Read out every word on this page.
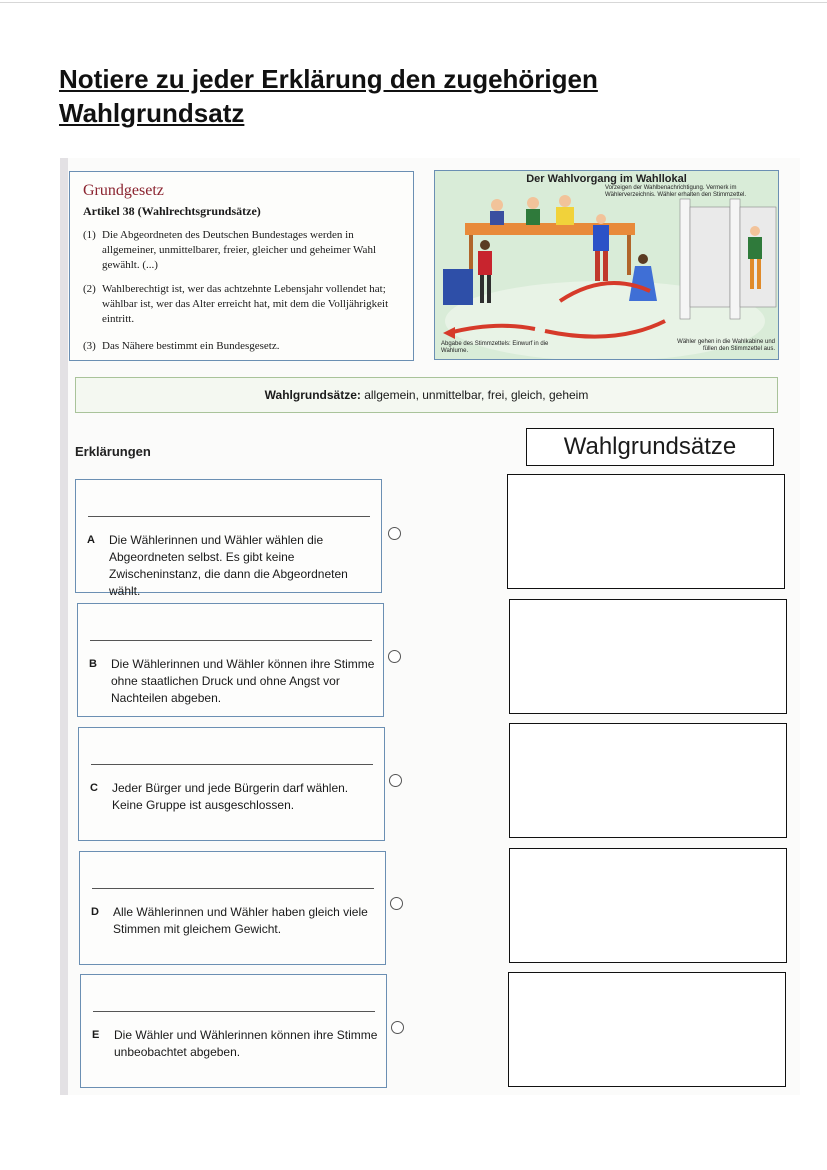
Notiere zu jeder Erklärung den zugehörigen Wahlgrundsatz
Grundgesetz
Artikel 38 (Wahlrechtsgrundsätze)
(1) Die Abgeordneten des Deutschen Bundestages werden in allgemeiner, unmittelbarer, freier, gleicher und geheimer Wahl gewählt. (...)
(2) Wahlberechtigt ist, wer das achtzehnte Lebensjahr vollendet hat; wählbar ist, wer das Alter erreicht hat, mit dem die Volljährigkeit eintritt.
(3) Das Nähere bestimmt ein Bundesgesetz.
Der Wahlvorgang im Wahllokal
Vorzeigen der Wahlbenachrichtigung. Vermerk im Wählerverzeichnis. Wähler erhalten den Stimmzettel.
Abgabe des Stimmzettels: Einwurf in die Wahlurne.
Wähler gehen in die Wahlkabine und füllen den Stimmzettel aus.
Wahlgrundsätze: allgemein, unmittelbar, frei, gleich, geheim
Erklärungen	Wahlgrundsätze
A Die Wählerinnen und Wähler wählen die Abgeordneten selbst. Es gibt keine Zwischeninstanz, die dann die Abgeordneten wählt.
B Die Wählerinnen und Wähler können ihre Stimme ohne staatlichen Druck und ohne Angst vor Nachteilen abgeben.
C Jeder Bürger und jede Bürgerin darf wählen. Keine Gruppe ist ausgeschlossen.
D Alle Wählerinnen und Wähler haben gleich viele Stimmen mit gleichem Gewicht.
E Die Wähler und Wählerinnen können ihre Stimme unbeobachtet abgeben.
